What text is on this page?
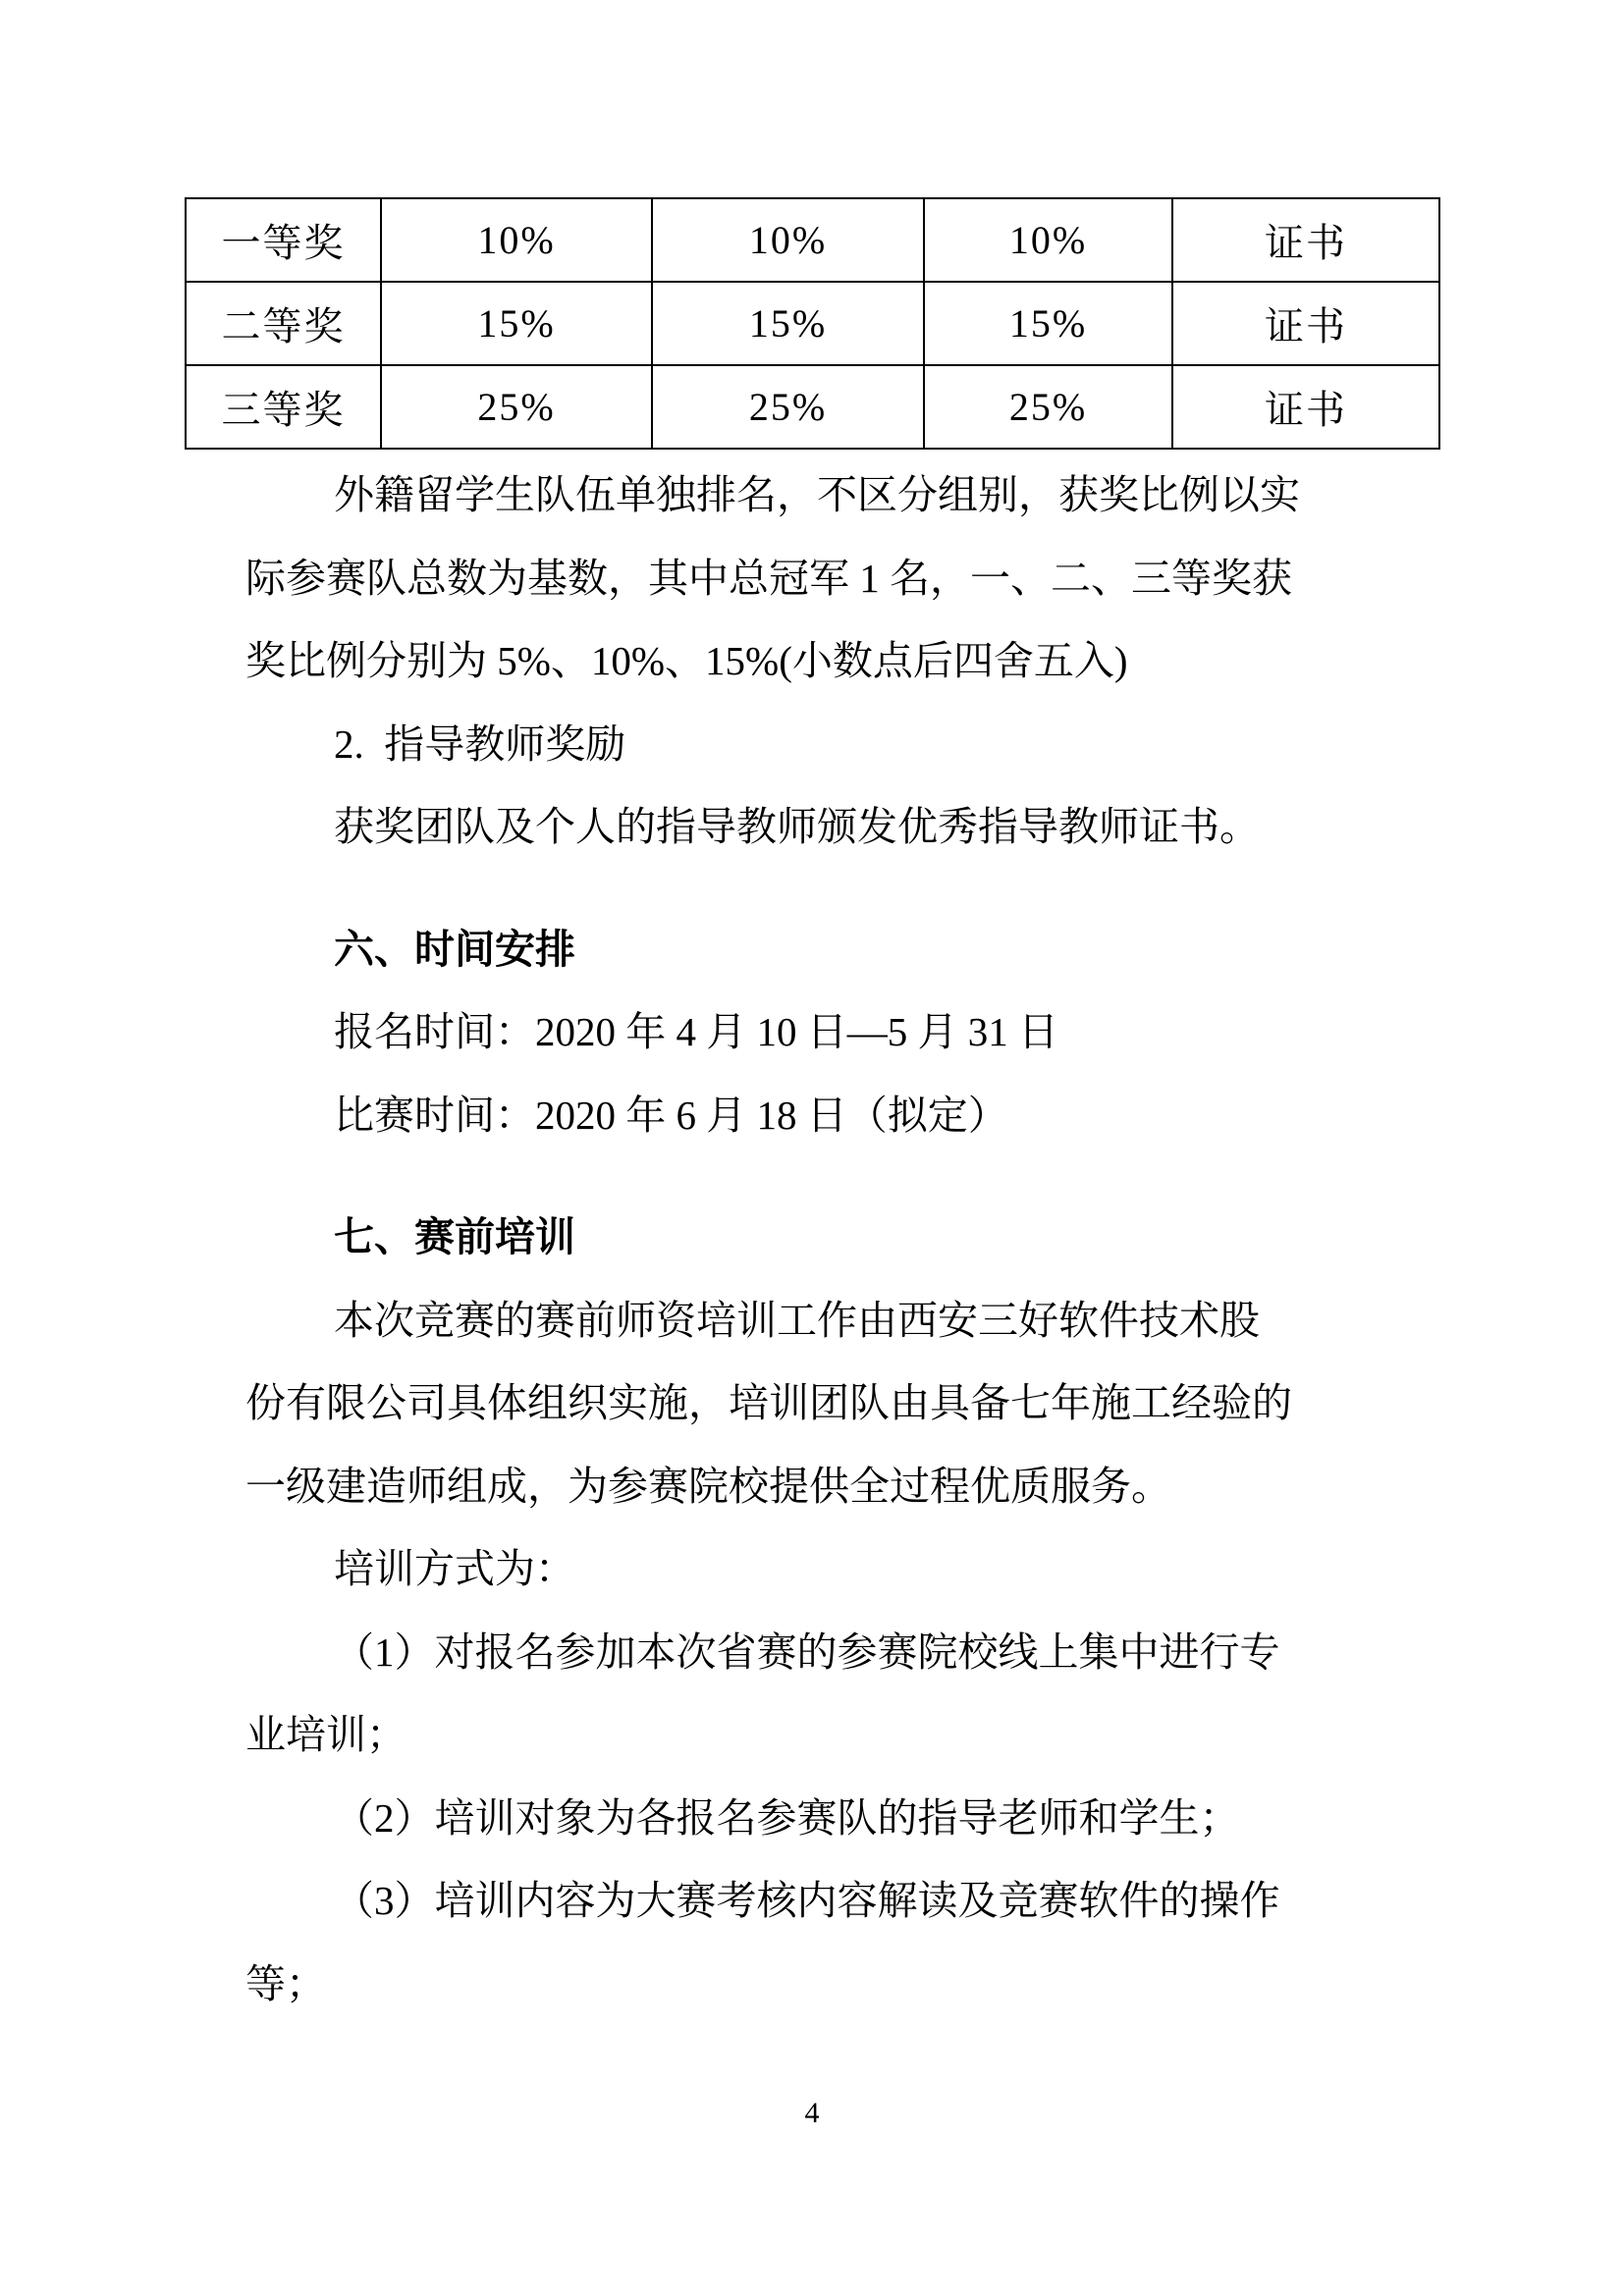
一等奖	10%	10%	10%	证书
二等奖	15%	15%	15%	证书
三等奖	25%	25%	25%	证书
外籍留学生队伍单独排名，不区分组别，获奖比例以实
际参赛队总数为基数，其中总冠军 1 名，一、二、三等奖获
奖比例分别为 5%、10%、15%(小数点后四舍五入)
2.  指导教师奖励
获奖团队及个人的指导教师颁发优秀指导教师证书。
六、时间安排
报名时间：2020 年 4 月 10 日—5 月 31 日
比赛时间：2020 年 6 月 18 日（拟定）
七、赛前培训
本次竞赛的赛前师资培训工作由西安三好软件技术股
份有限公司具体组织实施，培训团队由具备七年施工经验的
一级建造师组成，为参赛院校提供全过程优质服务。
培训方式为：
（1）对报名参加本次省赛的参赛院校线上集中进行专
业培训；
（2）培训对象为各报名参赛队的指导老师和学生；
（3）培训内容为大赛考核内容解读及竞赛软件的操作
等；
4
